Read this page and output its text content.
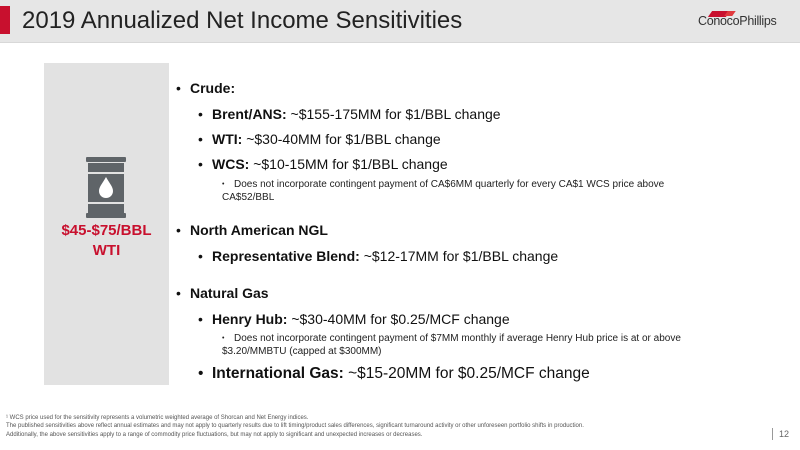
2019 Annualized Net Income Sensitivities	ConocoPhillips
$45-$75/BBL
WTI
• Crude:
• Brent/ANS: ~$155-175MM for $1/BBL change
• WTI: ~$30-40MM for $1/BBL change
• WCS: ~$10-15MM for $1/BBL change
• Does not incorporate contingent payment of CA$6MM quarterly for every CA$1 WCS price above CA$52/BBL
• North American NGL
• Representative Blend: ~$12-17MM for $1/BBL change
• Natural Gas
• Henry Hub: ~$30-40MM for $0.25/MCF change
• Does not incorporate contingent payment of $7MM monthly if average Henry Hub price is at or above $3.20/MMBTU (capped at $300MM)
• International Gas: ~$15-20MM for $0.25/MCF change
¹ WCS price used for the sensitivity represents a volumetric weighted average of Shorcan and Net Energy indices.
The published sensitivities above reflect annual estimates and may not apply to quarterly results due to lift timing/product sales differences, significant turnaround activity or other unforeseen portfolio shifts in production.
Additionally, the above sensitivities apply to a range of commodity price fluctuations, but may not apply to significant and unexpected increases or decreases.	12
